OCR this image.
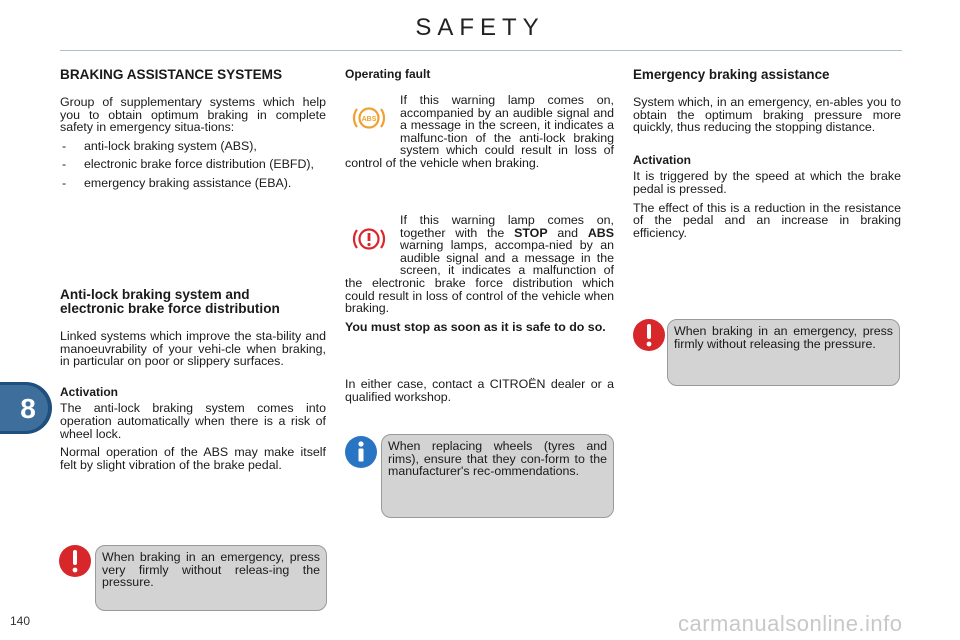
SAFETY
8
BRAKING ASSISTANCE SYSTEMS

Group of supplementary systems which help you to obtain optimum braking in complete safety in emergency situa-tions:

- anti-lock braking system (ABS),
- electronic brake force distribution (EBFD),
- emergency braking assistance (EBA).
Anti-lock braking system and electronic brake force distribution

Linked systems which improve the sta-bility and manoeuvrability of your vehi-cle when braking, in particular on poor or slippery surfaces.

Activation

The anti-lock braking system comes into operation automatically when there is a risk of wheel lock.

Normal operation of the ABS may make itself felt by slight vibration of the brake pedal.

When braking in an emergency, press very firmly without releas-ing the pressure.
Operating fault
ABS

If this warning lamp comes on, accompanied by an audible signal and a message in the screen, it indicates a malfunc-tion of the anti-lock braking system which could result in loss of control of the vehicle when braking.

If this warning lamp comes on, together with the STOP and ABS warning lamps, accompa-nied by an audible signal and a message in the screen, it indicates a malfunction of the electronic brake force distribution which could result in loss of control of the vehicle when braking.

You must stop as soon as it is safe to do so.

In either case, contact a CITROËN dealer or a qualified workshop.

When replacing wheels (tyres and rims), ensure that they con-form to the manufacturer's rec-ommendations.
Emergency braking assistance

System which, in an emergency, en-ables you to obtain the optimum braking pressure more quickly, thus reducing the stopping distance.

Activation

It is triggered by the speed at which the brake pedal is pressed.

The effect of this is a reduction in the resistance of the pedal and an increase in braking efficiency.

When braking in an emergency, press firmly without releasing the pressure.
140	carmanualsonline.info
